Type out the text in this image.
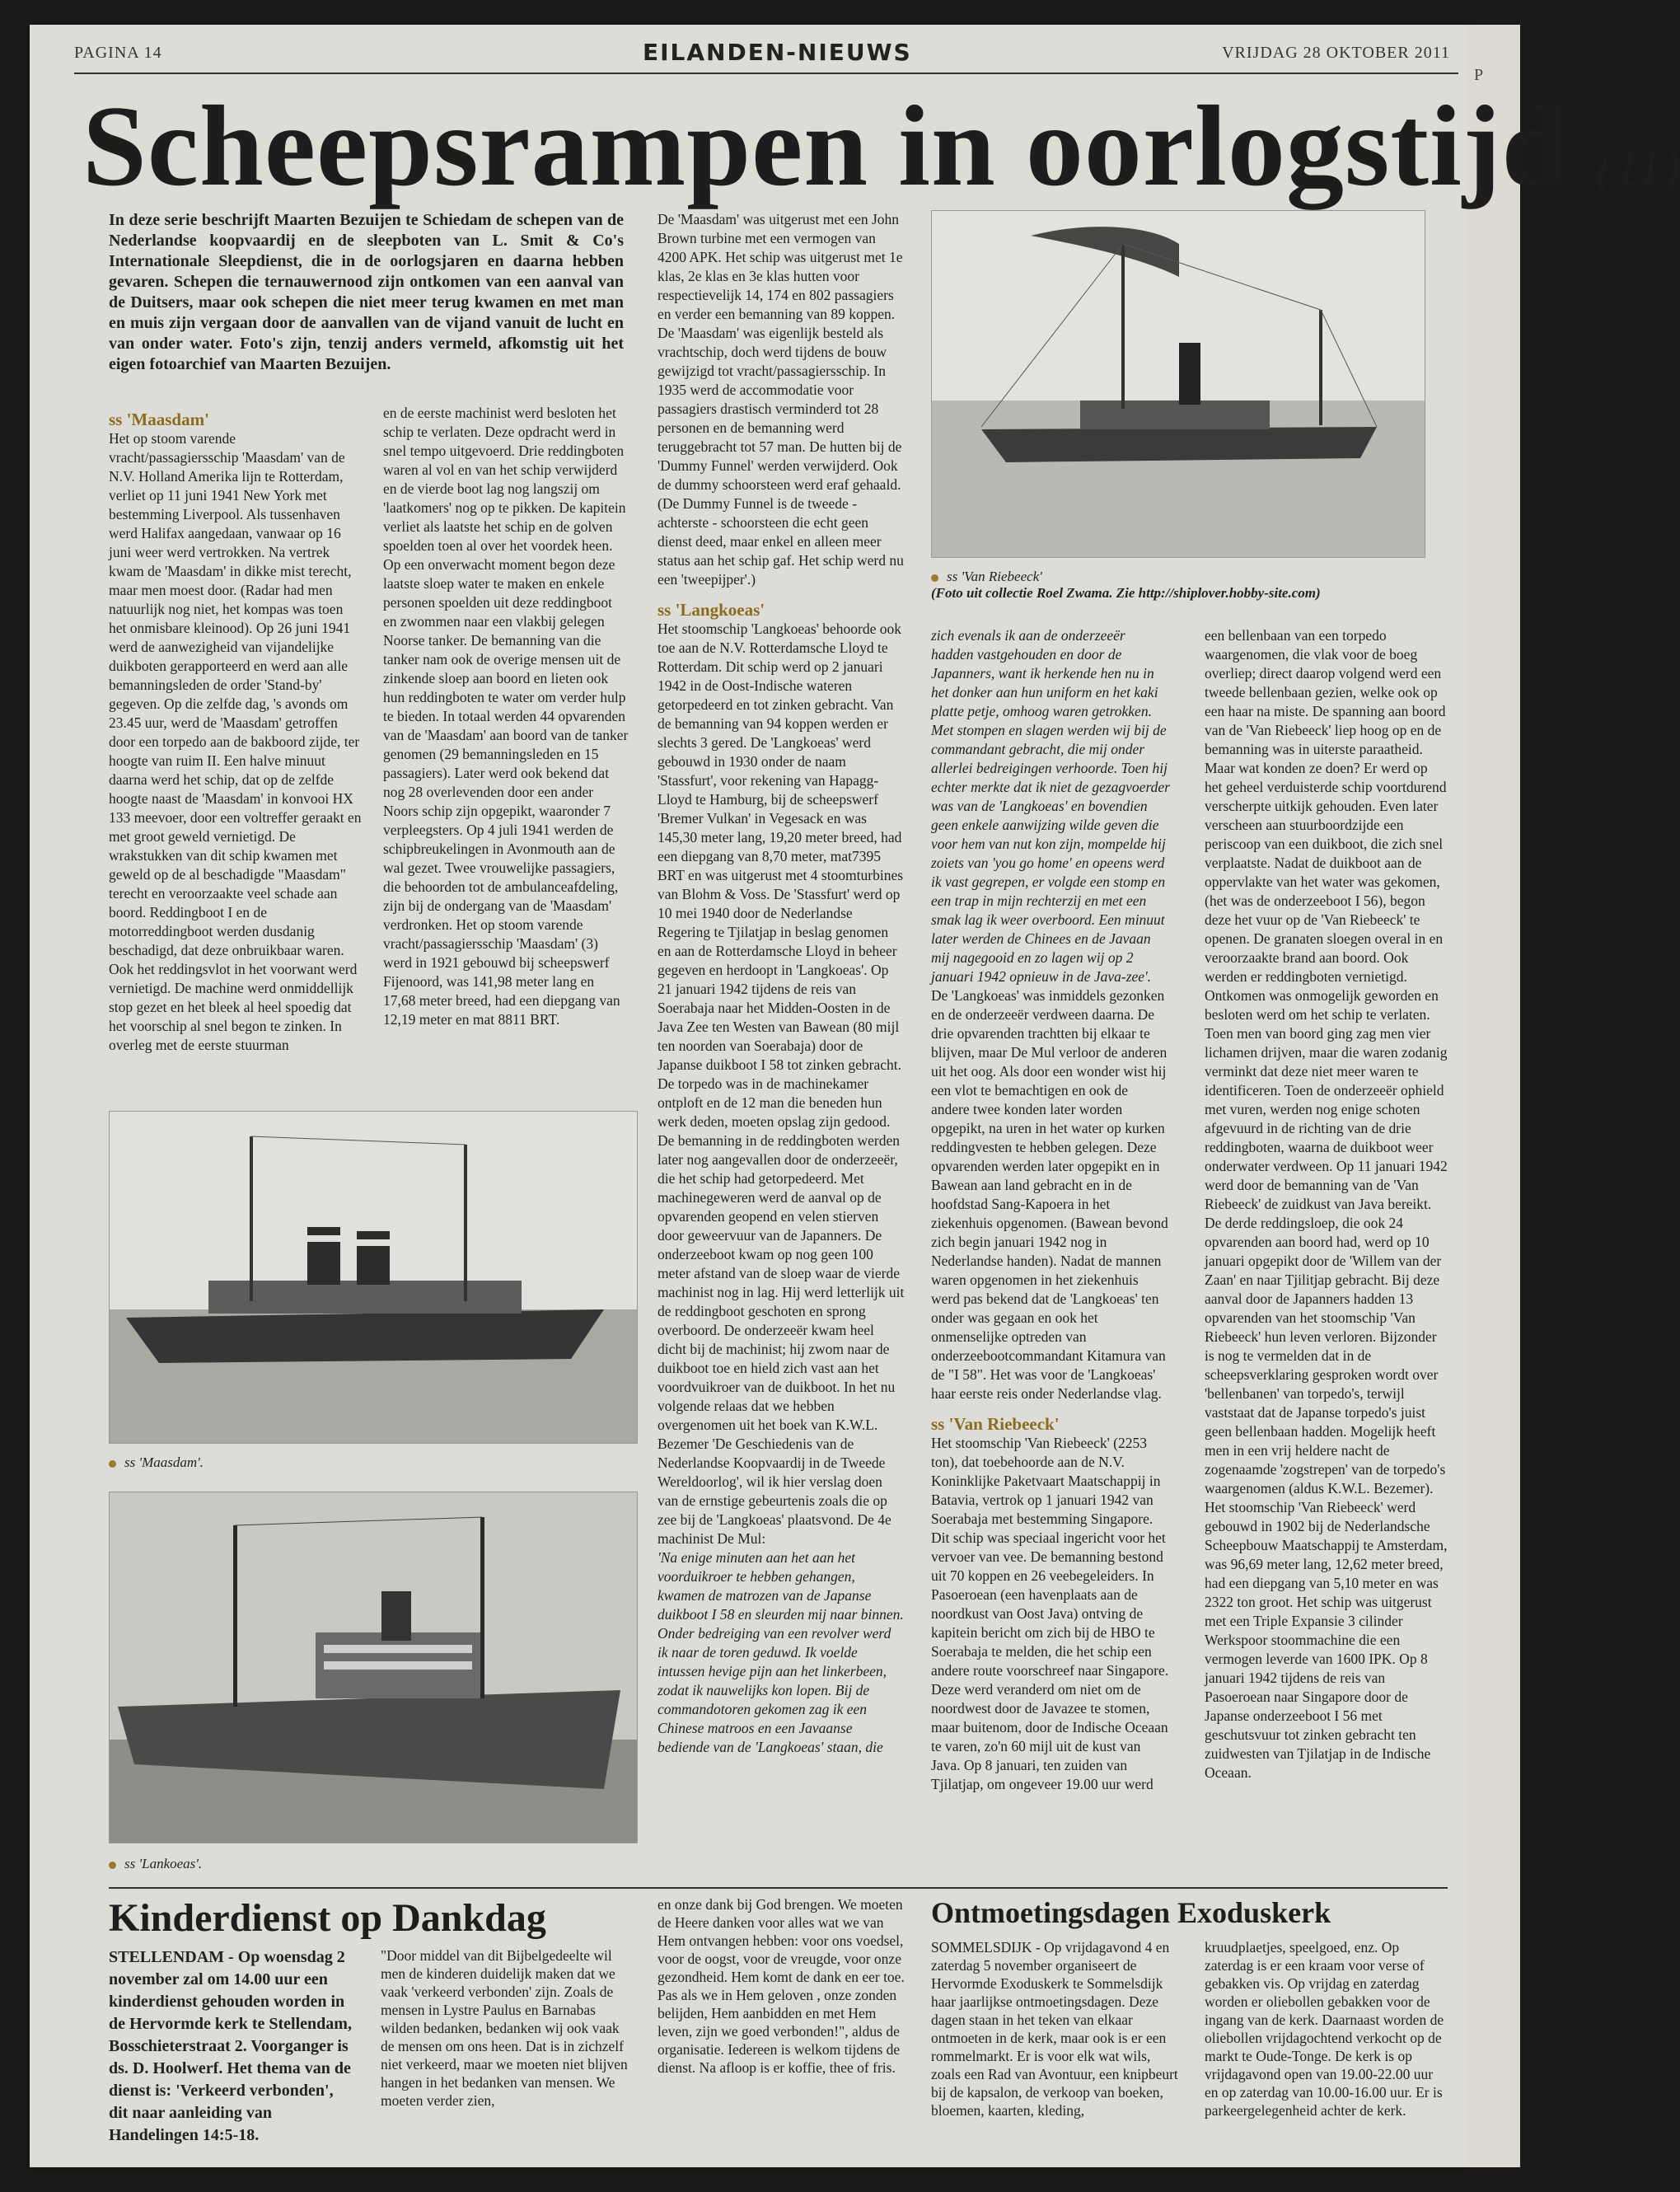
P
PAGINA 14	EILANDEN-NIEUWS	VRIJDAG 28 OKTOBER 2011
Scheepsrampen in oorlogstijd (11)
In deze serie beschrijft Maarten Bezuijen te Schiedam de schepen van de Nederlandse koopvaardij en de sleepboten van L. Smit & Co's Internationale Sleepdienst, die in de oorlogsjaren en daarna hebben gevaren. Schepen die ternauwernood zijn ontkomen van een aanval van de Duitsers, maar ook schepen die niet meer terug kwamen en met man en muis zijn vergaan door de aanvallen van de vijand vanuit de lucht en van onder water. Foto's zijn, tenzij anders vermeld, afkomstig uit het eigen fotoarchief van Maarten Bezuijen.

ss 'Maasdam'

Het op stoom varende vracht/passagiersschip 'Maasdam' van de N.V. Holland Amerika lijn te Rotterdam, verliet op 11 juni 1941 New York met bestemming Liverpool. Als tussenhaven werd Halifax aangedaan, vanwaar op 16 juni weer werd vertrokken. Na vertrek kwam de 'Maasdam' in dikke mist terecht, maar men moest door. (Radar had men natuurlijk nog niet, het kompas was toen het onmisbare kleinood). Op 26 juni 1941 werd de aanwezigheid van vijandelijke duikboten gerapporteerd en werd aan alle bemanningsleden de order 'Stand-by' gegeven. Op die zelfde dag, 's avonds om 23.45 uur, werd de 'Maasdam' getroffen door een torpedo aan de bakboord zijde, ter hoogte van ruim II. Een halve minuut daarna werd het schip, dat op de zelfde hoogte naast de 'Maasdam' in konvooi HX 133 meevoer, door een voltreffer geraakt en met groot geweld vernietigd. De wrakstukken van dit schip kwamen met geweld op de al beschadigde "Maasdam" terecht en veroorzaakte veel schade aan boord. Reddingboot I en de motorreddingboot werden dusdanig beschadigd, dat deze onbruikbaar waren. Ook het reddingsvlot in het voorwant werd vernietigd. De machine werd onmiddellijk stop gezet en het bleek al heel spoedig dat het voorschip al snel begon te zinken. In overleg met de eerste stuurman

en de eerste machinist werd besloten het schip te verlaten. Deze opdracht werd in snel tempo uitgevoerd. Drie reddingboten waren al vol en van het schip verwijderd en de vierde boot lag nog langszij om 'laatkomers' nog op te pikken. De kapitein verliet als laatste het schip en de golven spoelden toen al over het voordek heen. Op een onverwacht moment begon deze laatste sloep water te maken en enkele personen spoelden uit deze reddingboot en zwommen naar een vlakbij gelegen Noorse tanker. De bemanning van die tanker nam ook de overige mensen uit de zinkende sloep aan boord en lieten ook hun reddingboten te water om verder hulp te bieden. In totaal werden 44 opvarenden van de 'Maasdam' aan boord van de tanker genomen (29 bemanningsleden en 15 passagiers). Later werd ook bekend dat nog 28 overlevenden door een ander Noors schip zijn opgepikt, waaronder 7 verpleegsters. Op 4 juli 1941 werden de schipbreukelingen in Avonmouth aan de wal gezet. Twee vrouwelijke passagiers, die behoorden tot de ambulanceafdeling, zijn bij de ondergang van de 'Maasdam' verdronken. Het op stoom varende vracht/passagiersschip 'Maasdam' (3) werd in 1921 gebouwd bij scheepswerf Fijenoord, was 141,98 meter lang en 17,68 meter breed, had een diepgang van 12,19 meter en mat 8811 BRT.

De 'Maasdam' was uitgerust met een John Brown turbine met een vermogen van 4200 APK. Het schip was uitgerust met 1e klas, 2e klas en 3e klas hutten voor respectievelijk 14, 174 en 802 passagiers en verder een bemanning van 89 koppen. De 'Maasdam' was eigenlijk besteld als vrachtschip, doch werd tijdens de bouw gewijzigd tot vracht/passagiersschip. In 1935 werd de accommodatie voor passagiers drastisch verminderd tot 28 personen en de bemanning werd teruggebracht tot 57 man. De hutten bij de 'Dummy Funnel' werden verwijderd. Ook de dummy schoorsteen werd eraf gehaald. (De Dummy Funnel is de tweede - achterste - schoorsteen die echt geen dienst deed, maar enkel en alleen meer status aan het schip gaf. Het schip werd nu een 'tweepijper'.)

ss 'Langkoeas'

Het stoomschip 'Langkoeas' behoorde ook toe aan de N.V. Rotterdamsche Lloyd te Rotterdam. Dit schip werd op 2 januari 1942 in de Oost-Indische wateren getorpedeerd en tot zinken gebracht. Van de bemanning van 94 koppen werden er slechts 3 gered. De 'Langkoeas' werd gebouwd in 1930 onder de naam 'Stassfurt', voor rekening van Hapagg-Lloyd te Hamburg, bij de scheepswerf 'Bremer Vulkan' in Vegesack en was 145,30 meter lang, 19,20 meter breed, had een diepgang van 8,70 meter, mat7395 BRT en was uitgerust met 4 stoomturbines van Blohm & Voss. De 'Stassfurt' werd op 10 mei 1940 door de Nederlandse Regering te Tjilatjap in beslag genomen en aan de Rotterdamsche Lloyd in beheer gegeven en herdoopt in 'Langkoeas'. Op 21 januari 1942 tijdens de reis van Soerabaja naar het Midden-Oosten in de Java Zee ten Westen van Bawean (80 mijl ten noorden van Soerabaja) door de Japanse duikboot I 58 tot zinken gebracht. De torpedo was in de machinekamer ontploft en de 12 man die beneden hun werk deden, moeten opslag zijn gedood. De bemanning in de reddingboten werden later nog aangevallen door de onderzeeër, die het schip had getorpedeerd. Met machinegeweren werd de aanval op de opvarenden geopend en velen stierven door geweervuur van de Japanners. De onderzeeboot kwam op nog geen 100 meter afstand van de sloep waar de vierde machinist nog in lag. Hij werd letterlijk uit de reddingboot geschoten en sprong overboord. De onderzeeër kwam heel dicht bij de machinist; hij zwom naar de duikboot toe en hield zich vast aan het voordvuikroer van de duikboot. In het nu volgende relaas dat we hebben overgenomen uit het boek van K.W.L. Bezemer 'De Geschiedenis van de Nederlandse Koopvaardij in de Tweede Wereldoorlog', wil ik hier verslag doen van de ernstige gebeurtenis zoals die op zee bij de 'Langkoeas' plaatsvond. De 4e machinist De Mul:

'Na enige minuten aan het aan het voorduikroer te hebben gehangen, kwamen de matrozen van de Japanse duikboot I 58 en sleurden mij naar binnen. Onder bedreiging van een revolver werd ik naar de toren geduwd. Ik voelde intussen hevige pijn aan het linkerbeen, zodat ik nauwelijks kon lopen. Bij de commandotoren gekomen zag ik een Chinese matroos en een Javaanse bediende van de 'Langkoeas' staan, die

ss 'Van Riebeeck'
(Foto uit collectie Roel Zwama. Zie http://shiplover.hobby-site.com)

zich evenals ik aan de onderzeeër hadden vastgehouden en door de Japanners, want ik herkende hen nu in het donker aan hun uniform en het kaki platte petje, omhoog waren getrokken. Met stompen en slagen werden wij bij de commandant gebracht, die mij onder allerlei bedreigingen verhoorde. Toen hij echter merkte dat ik niet de gezagvoerder was van de 'Langkoeas' en bovendien geen enkele aanwijzing wilde geven die voor hem van nut kon zijn, mompelde hij zoiets van 'you go home' en opeens werd ik vast gegrepen, er volgde een stomp en een trap in mijn rechterzij en met een smak lag ik weer overboord. Een minuut later werden de Chinees en de Javaan mij nagegooid en zo lagen wij op 2 januari 1942 opnieuw in de Java-zee'.

De 'Langkoeas' was inmiddels gezonken en de onderzeeër verdween daarna. De drie opvarenden trachtten bij elkaar te blijven, maar De Mul verloor de anderen uit het oog. Als door een wonder wist hij een vlot te bemachtigen en ook de andere twee konden later worden opgepikt, na uren in het water op kurken reddingvesten te hebben gelegen. Deze opvarenden werden later opgepikt en in Bawean aan land gebracht en in de hoofdstad Sang-Kapoera in het ziekenhuis opgenomen. (Bawean bevond zich begin januari 1942 nog in Nederlandse handen). Nadat de mannen waren opgenomen in het ziekenhuis werd pas bekend dat de 'Langkoeas' ten onder was gegaan en ook het onmenselijke optreden van onderzeebootcommandant Kitamura van de "I 58". Het was voor de 'Langkoeas' haar eerste reis onder Nederlandse vlag.

ss 'Van Riebeeck'

Het stoomschip 'Van Riebeeck' (2253 ton), dat toebehoorde aan de N.V. Koninklijke Paketvaart Maatschappij in Batavia, vertrok op 1 januari 1942 van Soerabaja met bestemming Singapore. Dit schip was speciaal ingericht voor het vervoer van vee. De bemanning bestond uit 70 koppen en 26 veebegeleiders. In Pasoeroean (een havenplaats aan de noordkust van Oost Java) ontving de kapitein bericht om zich bij de HBO te Soerabaja te melden, die het schip een andere route voorschreef naar Singapore. Deze werd veranderd om niet om de noordwest door de Javazee te stomen, maar buitenom, door de Indische Oceaan te varen, zo'n 60 mijl uit de kust van Java. Op 8 januari, ten zuiden van Tjilatjap, om ongeveer 19.00 uur werd

een bellenbaan van een torpedo waargenomen, die vlak voor de boeg overliep; direct daarop volgend werd een tweede bellenbaan gezien, welke ook op een haar na miste. De spanning aan boord van de 'Van Riebeeck' liep hoog op en de bemanning was in uiterste paraatheid. Maar wat konden ze doen? Er werd op het geheel verduisterde schip voortdurend verscherpte uitkijk gehouden. Even later verscheen aan stuurboordzijde een periscoop van een duikboot, die zich snel verplaatste. Nadat de duikboot aan de oppervlakte van het water was gekomen, (het was de onderzeeboot I 56), begon deze het vuur op de 'Van Riebeeck' te openen. De granaten sloegen overal in en veroorzaakte brand aan boord. Ook werden er reddingboten vernietigd. Ontkomen was onmogelijk geworden en besloten werd om het schip te verlaten. Toen men van boord ging zag men vier lichamen drijven, maar die waren zodanig verminkt dat deze niet meer waren te identificeren. Toen de onderzeeër ophield met vuren, werden nog enige schoten afgevuurd in de richting van de drie reddingboten, waarna de duikboot weer onderwater verdween. Op 11 januari 1942 werd door de bemanning van de 'Van Riebeeck' de zuidkust van Java bereikt. De derde reddingsloep, die ook 24 opvarenden aan boord had, werd op 10 januari opgepikt door de 'Willem van der Zaan' en naar Tjilitjap gebracht. Bij deze aanval door de Japanners hadden 13 opvarenden van het stoomschip 'Van Riebeeck' hun leven verloren. Bijzonder is nog te vermelden dat in de scheepsverklaring gesproken wordt over 'bellenbanen' van torpedo's, terwijl vaststaat dat de Japanse torpedo's juist geen bellenbaan hadden. Mogelijk heeft men in een vrij heldere nacht de zogenaamde 'zogstrepen' van de torpedo's waargenomen (aldus K.W.L. Bezemer). Het stoomschip 'Van Riebeeck' werd gebouwd in 1902 bij de Nederlandsche Scheepbouw Maatschappij te Amsterdam, was 96,69 meter lang, 12,62 meter breed, had een diepgang van 5,10 meter en was 2322 ton groot. Het schip was uitgerust met een Triple Expansie 3 cilinder Werkspoor stoommachine die een vermogen leverde van 1600 IPK. Op 8 januari 1942 tijdens de reis van Pasoeroean naar Singapore door de Japanse onderzeeboot I 56 met geschutsvuur tot zinken gebracht ten zuidwesten van Tjilatjap in de Indische Oceaan.

ss 'Maasdam'.
ss 'Lankoeas'.
Kinderdienst op Dankdag

STELLENDAM - Op woensdag 2 november zal om 14.00 uur een kinderdienst gehouden worden in de Hervormde kerk te Stellendam, Bosschieterstraat 2. Voorganger is ds. D. Hoolwerf. Het thema van de dienst is: 'Verkeerd verbonden', dit naar aanleiding van Handelingen 14:5-18.

"Door middel van dit Bijbelgedeelte wil men de kinderen duidelijk maken dat we vaak 'verkeerd verbonden' zijn. Zoals de mensen in Lystre Paulus en Barnabas wilden bedanken, bedanken wij ook vaak de mensen om ons heen. Dat is in zichzelf niet verkeerd, maar we moeten niet blijven hangen in het bedanken van mensen. We moeten verder zien,

en onze dank bij God brengen. We moeten de Heere danken voor alles wat we van Hem ontvangen hebben: voor ons voedsel, voor de oogst, voor de vreugde, voor onze gezondheid. Hem komt de dank en eer toe. Pas als we in Hem geloven , onze zonden belijden, Hem aanbidden en met Hem leven, zijn we goed verbonden!", aldus de organisatie. Iedereen is welkom tijdens de dienst. Na afloop is er koffie, thee of fris.

Ontmoetingsdagen Exoduskerk

SOMMELSDIJK - Op vrijdagavond 4 en zaterdag 5 november organiseert de Hervormde Exoduskerk te Sommelsdijk haar jaarlijkse ontmoetingsdagen. Deze dagen staan in het teken van elkaar ontmoeten in de kerk, maar ook is er een rommelmarkt. Er is voor elk wat wils, zoals een Rad van Avontuur, een knipbeurt bij de kapsalon, de verkoop van boeken, bloemen, kaarten, kleding,

kruudplaetjes, speelgoed, enz. Op zaterdag is er een kraam voor verse of gebakken vis. Op vrijdag en zaterdag worden er oliebollen gebakken voor de ingang van de kerk. Daarnaast worden de oliebollen vrijdagochtend verkocht op de markt te Oude-Tonge. De kerk is op vrijdagavond open van 19.00-22.00 uur en op zaterdag van 10.00-16.00 uur. Er is parkeergelegenheid achter de kerk.
